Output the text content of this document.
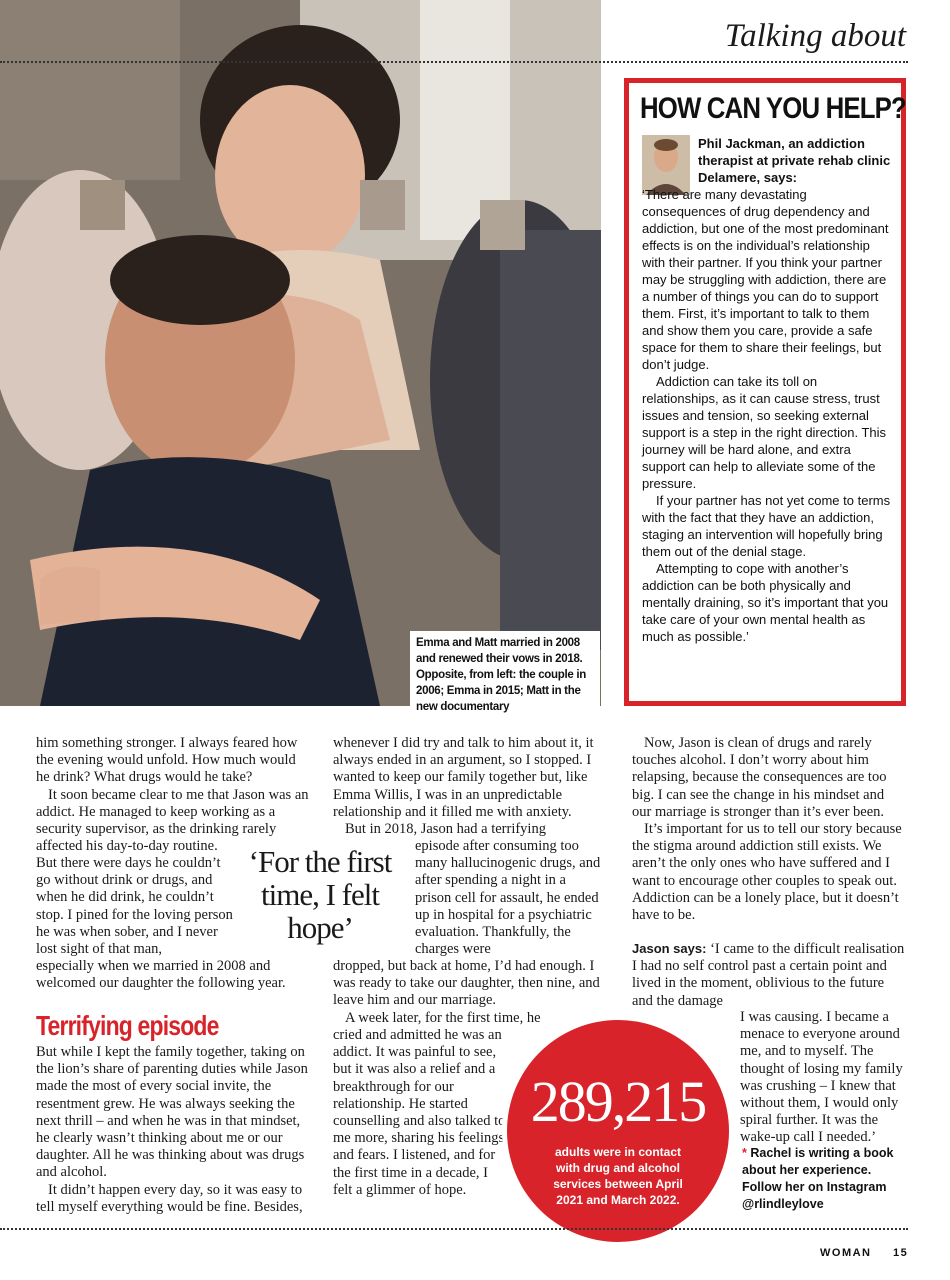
Emma and Matt married in 2008 and renewed their vows in 2018. Opposite, from left: the couple in 2006; Emma in 2015; Matt in the new documentary
Talking about
HOW CAN YOU HELP?
Phil Jackman, an addiction therapist at private rehab clinic Delamere, says:

‘There are many devastating consequences of drug dependency and addiction, but one of the most predominant effects is on the individual’s relationship with their partner. If you think your partner may be struggling with addiction, there are a number of things you can do to support them. First, it’s important to talk to them and show them you care, provide a safe space for them to share their feelings, but don’t judge.

Addiction can take its toll on relationships, as it can cause stress, trust issues and tension, so seeking external support is a step in the right direction. This journey will be hard alone, and extra support can help to alleviate some of the pressure.

If your partner has not yet come to terms with the fact that they have an addiction, staging an intervention will hopefully bring them out of the denial stage.

Attempting to cope with another’s addiction can be both physically and mentally draining, so it’s important that you take care of your own mental health as much as possible.’

him something stronger. I always feared how the evening would unfold. How much would he drink? What drugs would he take?

It soon became clear to me that Jason was an addict. He managed to keep working as a security supervisor, as the drinking rarely affected his day-to-day routine.

But there were days he couldn’t go without drink or drugs, and when he did drink, he couldn’t stop. I pined for the loving person he was when sober, and I never lost sight of that man,

especially when we married in 2008 and welcomed our daughter the following year.

Terrifying episode

But while I kept the family together, taking on the lion’s share of parenting duties while Jason made the most of every social invite, the resentment grew. He was always seeking the next thrill – and when he was in that mindset, he clearly wasn’t thinking about me or our daughter. All he was thinking about was drugs and alcohol.

It didn’t happen every day, so it was easy to tell myself everything would be fine. Besides,

‘For the first time, I felt hope’

whenever I did try and talk to him about it, it always ended in an argument, so I stopped. I wanted to keep our family together but, like Emma Willis, I was in an unpredictable relationship and it filled me with anxiety.

But in 2018, Jason had a terrifying

episode after consuming too many hallucinogenic drugs, and after spending a night in a prison cell for assault, he ended up in hospital for a psychiatric evaluation. Thankfully, the charges were

dropped, but back at home, I’d had enough. I was ready to take our daughter, then nine, and leave him and our marriage.

A week later, for the first time, he

cried and admitted he was an addict. It was painful to see, but it was also a relief and a breakthrough for our relationship. He started counselling and also talked to me more, sharing his feelings and fears. I listened, and for the first time in a decade, I felt a glimmer of hope.

289,215
adults were in contact with drug and alcohol services between April 2021 and March 2022.

Now, Jason is clean of drugs and rarely touches alcohol. I don’t worry about him relapsing, because the consequences are too big. I can see the change in his mindset and our marriage is stronger than it’s ever been.

It’s important for us to tell our story because the stigma around addiction still exists. We aren’t the only ones who have suffered and I want to encourage other couples to speak out. Addiction can be a lonely place, but it doesn’t have to be.

Jason says: ‘I came to the difficult realisation I had no self control past a certain point and lived in the moment, oblivious to the future and the damage

I was causing. I became a menace to everyone around me, and to myself. The thought of losing my family was crushing – I knew that without them, I would only spiral further. It was the wake-up call I needed.’

* Rachel is writing a book about her experience. Follow her on Instagram @rlindleylove
WOMAN 15
